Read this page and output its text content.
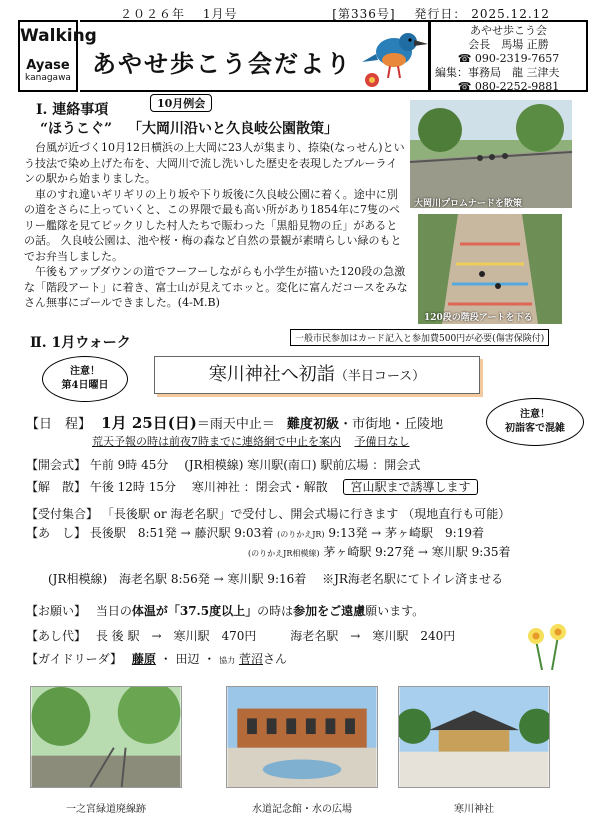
２０２６年　 1月号	[第336号] 発行日： 2025.12.12
Walking
Ayase
kanagawa あやせ歩こう会だより
あやせ歩こう会
会長　馬場 正勝
☎ 090-2319-7657
編集：事務局　龍 三津夫
☎ 080-2252-9881
Ⅰ. 連絡事項	10月例会
“ほうこぐ” 「大岡川沿いと久良岐公園散策」

台風が近づく10月12日横浜の上大岡に23人が集まり、捺染(なっせん)という技法で染め上げた布を、大岡川で流し洗いした歴史を表現したブルーラインの駅から始まりました。

車のすれ違いギリギリの上り坂や下り坂後に久良岐公園に着く。途中に別の道をさらに上っていくと、この界隈で最も高い所があり1854年に7隻のペリー艦隊を見てビックリした村人たちで賑わった「黒船見物の丘」があるとの話。 久良岐公園は、池や桜・梅の森など自然の景観が素晴らしい緑のもとでお弁当しました。

午後もアップダウンの道でフーフーしながらも小学生が描いた120段の急激な「階段アート」に着き、富士山が見えてホッと。変化に富んだコースをみなさん無事にゴールできました。(4-M.B)

大岡川プロムナードを散策
120段の階段アートを下る
一般市民参加はカード記入と参加費500円が必要(傷害保険付)
Ⅱ. 1月ウォーク
注意！
第4日曜日
寒川神社へ初詣（半日コース）
注意！
初詣客で混雑
【日　程】 1月 25日(日)＝雨天中止＝ 難度初級・市街地・丘陵地
荒天予報の時は前夜7時までに連絡網で中止を案内 予備日なし
【開会式】 午前 9時 45分　 (JR相模線) 寒川駅(南口) 駅前広場 ：開会式
【解　散】 午後 12時 15分　 寒川神社 ：閉会式・解散 宮山駅まで誘導します
【受付集合】 「長後駅 or 海老名駅」で受付し、開会式場に行きます （現地直行も可能）
【あ　し】 長後駅　8:51発 → 藤沢駅 9:03着 (のりかえJR) 9:13発 → 茅ヶ崎駅　9:19着
(のりかえJR相模線) 茅ヶ崎駅 9:27発 → 寒川駅 9:35着
(JR相模線) 海老名駅 8:56発 → 寒川駅 9:16着　 ※JR海老名駅にてトイレ済ませる
【お願い】 当日の体温が「37.5度以上」の時は参加をご遠慮願います。
【あし代】 長 後 駅　→　寒川駅　470円	海老名駅　→　寒川駅　240円
【ガイドリーダ】 藤原 ・ 田辺 ・ 協力 菅沼さん
一之宮緑道廃線跡	水道記念館・水の広場	寒川神社
